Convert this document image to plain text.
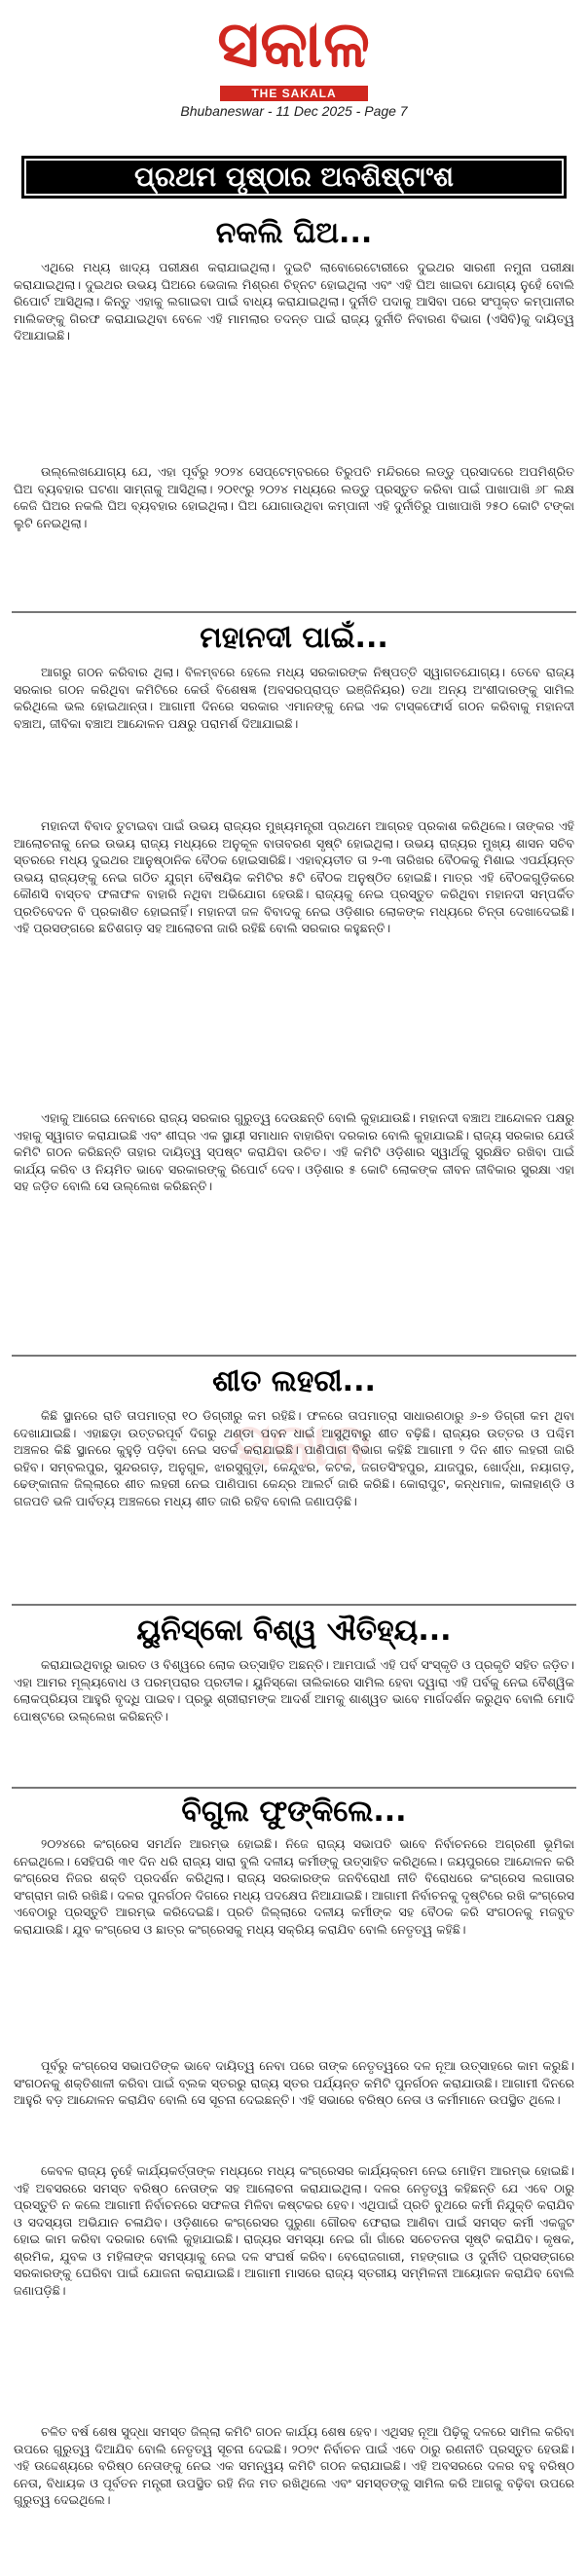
ସକାଳ
THE SAKALA
Bhubaneswar - 11 Dec 2025 - Page 7
ପ୍ରଥମ ପୃଷ୍ଠାର ଅବଶିଷ୍ଟାଂଶ
ସକାଳ
ନକଲି ଘିଅ...

ଏଥିରେ ମଧ୍ୟ ଖାଦ୍ୟ ପରୀକ୍ଷଣ କରାଯାଇଥିଲା। ଦୁଇଟି ଲାବୋରେଟୋରୀରେ ଦୁଇଥର ସାରଣୀ ନମୁନା ପରୀକ୍ଷା କରାଯାଇଥିଲା। ଦୁଇଥର ଉଭୟ ଘିଅରେ ଭେଜାଲ ମିଶ୍ରଣ ଚିହ୍ନଟ ହୋଇଥିଲା ଏବଂ ଏହି ଘିଅ ଖାଇବା ଯୋଗ୍ୟ ନୁହେଁ ବୋଲି ରିପୋର୍ଟ ଆସିଥିଲା। କିନ୍ତୁ ଏହାକୁ ଲଗାଇବା ପାଇଁ ବାଧ୍ୟ କରାଯାଇଥିଲା। ଦୁର୍ନୀତି ପଦାକୁ ଆସିବା ପରେ ସଂପୃକ୍ତ କମ୍ପାନୀର ମାଲିକଙ୍କୁ ଗିରଫ କରାଯାଇଥିବା ବେଳେ ଏହି ମାମଲାର ତଦନ୍ତ ପାଇଁ ରାଜ୍ୟ ଦୁର୍ନୀତି ନିବାରଣ ବିଭାଗ (ଏସିବି)କୁ ଦାୟିତ୍ୱ ଦିଆଯାଇଛି।

ଉଲ୍ଲେଖଯୋଗ୍ୟ ଯେ, ଏହା ପୂର୍ବରୁ ୨୦୨୪ ସେପ୍ଟେମ୍ବରରେ ତିରୁପତି ମନ୍ଦିରରେ ଲଡ୍ଡୁ ପ୍ରସାଦରେ ଅପମିଶ୍ରିତ ଘିଅ ବ୍ୟବହାର ଘଟଣା ସାମ୍ନାକୁ ଆସିଥିଲା। ୨୦୧୯ରୁ ୨୦୨୪ ମଧ୍ୟରେ ଲଡ୍ଡୁ ପ୍ରସ୍ତୁତ କରିବା ପାଇଁ ପାଖାପାଖି ୬୮ ଲକ୍ଷ କେଜି ଘିଅର ନକଲି ଘିଅ ବ୍ୟବହାର ହୋଇଥିଲା। ଘିଅ ଯୋଗାଉଥିବା କମ୍ପାନୀ ଏହି ଦୁର୍ନୀତିରୁ ପାଖାପାଖି ୨୫୦ କୋଟି ଟଙ୍କା ଲୁଟି ନେଇଥିଲା।

ମହାନଦୀ ପାଇଁ...

ଆଗରୁ ଗଠନ କରିବାର ଥିଲା। ବିଳମ୍ବରେ ହେଲେ ମଧ୍ୟ ସରକାରଙ୍କ ନିଷ୍ପତ୍ତି ସ୍ୱାଗତଯୋଗ୍ୟ। ତେବେ ରାଜ୍ୟ ସରକାର ଗଠନ କରିଥିବା କମିଟିରେ କେଉଁ ବିଶେଷଜ୍ଞ (ଅବସରପ୍ରାପ୍ତ ଇଞ୍ଜିନିୟର) ତଥା ଅନ୍ୟ ଅଂଶୀଦାରଙ୍କୁ ସାମିଲ କରିଥିଲେ ଭଲ ହୋଇଥାନ୍ତା। ଆଗାମୀ ଦିନରେ ସରକାର ଏମାନଙ୍କୁ ନେଇ ଏକ ଟାସ୍କଫୋର୍ସ ଗଠନ କରିବାକୁ ମହାନଦୀ ବଞ୍ଚାଅ, ଜୀବିକା ବଞ୍ଚାଅ ଆନ୍ଦୋଳନ ପକ୍ଷରୁ ପରାମର୍ଶ ଦିଆଯାଇଛି।

ମହାନଦୀ ବିବାଦ ତୁଟାଇବା ପାଇଁ ଉଭୟ ରାଜ୍ୟର ମୁଖ୍ୟମନ୍ତ୍ରୀ ପ୍ରଥମେ ଆଗ୍ରହ ପ୍ରକାଶ କରିଥିଲେ। ତାଙ୍କର ଏହି ଆଲୋଚନାକୁ ନେଇ ଉଭୟ ରାଜ୍ୟ ମଧ୍ୟରେ ଅନୁକୂଳ ବାତାବରଣ ସୃଷ୍ଟି ହୋଇଥିଲା। ଉଭୟ ରାଜ୍ୟର ମୁଖ୍ୟ ଶାସନ ସଚିବ ସ୍ତରରେ ମଧ୍ୟ ଦୁଇଥର ଆନୁଷ୍ଠାନିକ ବୈଠକ ହୋଇସାରିଛି। ଏହାବ୍ୟତୀତ ତା ୨-୩ ତାରିଖର ବୈଠକକୁ ମିଶାଇ ଏପର୍ଯ୍ୟନ୍ତ ଉଭୟ ରାଜ୍ୟଙ୍କୁ ନେଇ ଗଠିତ ଯୁଗ୍ମ ବୈଷୟିକ କମିଟିର ୫ଟି ବୈଠକ ଅନୁଷ୍ଠିତ ହୋଇଛି। ମାତ୍ର ଏହି ବୈଠକଗୁଡ଼ିକରେ କୌଣସି ବାସ୍ତବ ଫଳାଫଳ ବାହାରି ନଥିବା ଅଭିଯୋଗ ହେଉଛି। ରାଜ୍ୟକୁ ନେଇ ପ୍ରସ୍ତୁତ କରିଥିବା ମହାନଦୀ ସମ୍ପର୍କିତ ପ୍ରତିବେଦନ ବି ପ୍ରକାଶିତ ହୋଇନାହିଁ। ମହାନଦୀ ଜଳ ବିବାଦକୁ ନେଇ ଓଡ଼ିଶାର ଲୋକଙ୍କ ମଧ୍ୟରେ ଚିନ୍ତା ଦେଖାଦେଇଛି। ଏହି ପ୍ରସଙ୍ଗରେ ଛତିଶଗଡ଼ ସହ ଆଲୋଚନା ଜାରି ରହିଛି ବୋଲି ସରକାର କହୁଛନ୍ତି।

ଏହାକୁ ଆଗେଇ ନେବାରେ ରାଜ୍ୟ ସରକାର ଗୁରୁତ୍ୱ ଦେଉଛନ୍ତି ବୋଲି କୁହାଯାଉଛି। ମହାନଦୀ ବଞ୍ଚାଅ ଆନ୍ଦୋଳନ ପକ୍ଷରୁ ଏହାକୁ ସ୍ୱାଗତ କରାଯାଇଛି ଏବଂ ଶୀଘ୍ର ଏକ ସ୍ଥାୟୀ ସମାଧାନ ବାହାରିବା ଦରକାର ବୋଲି କୁହାଯାଇଛି। ରାଜ୍ୟ ସରକାର ଯେଉଁ କମିଟି ଗଠନ କରିଛନ୍ତି ତାହାର ଦାୟିତ୍ୱ ସ୍ପଷ୍ଟ କରାଯିବା ଉଚିତ। ଏହି କମିଟି ଓଡ଼ିଶାର ସ୍ୱାର୍ଥକୁ ସୁରକ୍ଷିତ ରଖିବା ପାଇଁ କାର୍ଯ୍ୟ କରିବ ଓ ନିୟମିତ ଭାବେ ସରକାରଙ୍କୁ ରିପୋର୍ଟ ଦେବ। ଓଡ଼ିଶାର ୫ କୋଟି ଲୋକଙ୍କ ଜୀବନ ଜୀବିକାର ସୁରକ୍ଷା ଏହା ସହ ଜଡ଼ିତ ବୋଲି ସେ ଉଲ୍ଲେଖ କରିଛନ୍ତି।

ଶୀତ ଲହରୀ...

କିଛି ସ୍ଥାନରେ ରାତି ତାପମାତ୍ରା ୧୦ ଡିଗ୍ରୀରୁ କମ ରହିଛି। ଫଳରେ ତାପମାତ୍ରା ସାଧାରଣଠାରୁ ୬-୭ ଡିଗ୍ରୀ କମ ଥିବା ଦେଖାଯାଇଛି। ଏହାଛଡ଼ା ଉତ୍ତରପୂର୍ବ ଦିଗରୁ ଥଣ୍ଡା ପବନ ଧାଇଁ ଆସୁଥିବାରୁ ଶୀତ ବଢ଼ିଛି। ରାଜ୍ୟର ଉତ୍ତର ଓ ପଶ୍ଚିମ ଅଞ୍ଚଳର କିଛି ସ୍ଥାନରେ କୁହୁଡ଼ି ପଡ଼ିବା ନେଇ ସତର୍କ କରାଯାଇଛି। ପାଣିପାଗ ବିଭାଗ କହିଛି ଆଗାମୀ ୨ ଦିନ ଶୀତ ଲହରୀ ଜାରି ରହିବ। ସମ୍ବଲପୁର, ସୁନ୍ଦରଗଡ଼, ଅନୁଗୁଳ, ଝାରସୁଗୁଡ଼ା, କେନ୍ଦୁଝର, କଟକ, ଜଗତସିଂହପୁର, ଯାଜପୁର, ଖୋର୍ଦ୍ଧା, ନୟାଗଡ଼, ଢେଙ୍କାନାଳ ଜିଲ୍ଲାରେ ଶୀତ ଲହରୀ ନେଇ ପାଣିପାଗ କେନ୍ଦ୍ର ଆଲର୍ଟ ଜାରି କରିଛି। କୋରାପୁଟ, କନ୍ଧମାଳ, କାଳାହାଣ୍ଡି ଓ ଗଜପତି ଭଳି ପାର୍ବତ୍ୟ ଅଞ୍ଚଳରେ ମଧ୍ୟ ଶୀତ ଜାରି ରହିବ ବୋଲି ଜଣାପଡ଼ିଛି।

ୟୁନିସ୍କୋ ବିଶ୍ୱ ଐତିହ୍ୟ...

କରାଯାଇଥିବାରୁ ଭାରତ ଓ ବିଶ୍ୱରେ ଲୋକ ଉତ୍ସାହିତ ଅଛନ୍ତି। ଆମପାଇଁ ଏହି ପର୍ବ ସଂସ୍କୃତି ଓ ପ୍ରକୃତି ସହିତ ଜଡ଼ିତ। ଏହା ଆମର ମୂଲ୍ୟବୋଧ ଓ ପରମ୍ପରାର ପ୍ରତୀକ। ୟୁନିସ୍କୋ ତାଲିକାରେ ସାମିଲ ହେବା ଦ୍ୱାରା ଏହି ପର୍ବକୁ ନେଇ ବୈଶ୍ୱିକ ଲୋକପ୍ରିୟତା ଆହୁରି ବୃଦ୍ଧି ପାଇବ। ପ୍ରଭୁ ଶ୍ରୀରାମଙ୍କ ଆଦର୍ଶ ଆମକୁ ଶାଶ୍ୱତ ଭାବେ ମାର୍ଗଦର୍ଶନ କରୁଥିବ ବୋଲି ମୋଦି ପୋଷ୍ଟରେ ଉଲ୍ଲେଖ କରିଛନ୍ତି।

ବିଗୁଲ ଫୁଙ୍କିଲେ...

୨୦୨୪ରେ କଂଗ୍ରେସ ସମର୍ଥନ ଆରମ୍ଭ ହୋଇଛି। ନିଜେ ରାଜ୍ୟ ସଭାପତି ଭାବେ ନିର୍ବାଚନରେ ଅଗ୍ରଣୀ ଭୂମିକା ନେଇଥିଲେ। ସେହିପରି ୩୧ ଦିନ ଧରି ରାଜ୍ୟ ସାରା ବୁଲି ଦଳୀୟ କର୍ମୀଙ୍କୁ ଉତ୍ସାହିତ କରିଥିଲେ। ଜୟପୁରରେ ଆନ୍ଦୋଳନ କରି କଂଗ୍ରେସ ନିଜର ଶକ୍ତି ପ୍ରଦର୍ଶନ କରିଥିଲା। ରାଜ୍ୟ ସରକାରଙ୍କ ଜନବିରୋଧୀ ନୀତି ବିରୋଧରେ କଂଗ୍ରେସ ଲଗାତାର ସଂଗ୍ରାମ ଜାରି ରଖିଛି। ଦଳର ପୁନର୍ଗଠନ ଦିଗରେ ମଧ୍ୟ ପଦକ୍ଷେପ ନିଆଯାଇଛି। ଆଗାମୀ ନିର୍ବାଚନକୁ ଦୃଷ୍ଟିରେ ରଖି କଂଗ୍ରେସ ଏବେଠାରୁ ପ୍ରସ୍ତୁତି ଆରମ୍ଭ କରିଦେଇଛି। ପ୍ରତି ଜିଲ୍ଲାରେ ଦଳୀୟ କର୍ମୀଙ୍କ ସହ ବୈଠକ କରି ସଂଗଠନକୁ ମଜବୁତ କରାଯାଉଛି। ଯୁବ କଂଗ୍ରେସ ଓ ଛାତ୍ର କଂଗ୍ରେସକୁ ମଧ୍ୟ ସକ୍ରିୟ କରାଯିବ ବୋଲି ନେତୃତ୍ୱ କହିଛି।

ପୂର୍ବରୁ କଂଗ୍ରେସ ସଭାପତିଙ୍କ ଭାବେ ଦାୟିତ୍ୱ ନେବା ପରେ ତାଙ୍କ ନେତୃତ୍ୱରେ ଦଳ ନୂଆ ଉତ୍ସାହରେ କାମ କରୁଛି। ସଂଗଠନକୁ ଶକ୍ତିଶାଳୀ କରିବା ପାଇଁ ବ୍ଲକ ସ୍ତରରୁ ରାଜ୍ୟ ସ୍ତର ପର୍ଯ୍ୟନ୍ତ କମିଟି ପୁନର୍ଗଠନ କରାଯାଉଛି। ଆଗାମୀ ଦିନରେ ଆହୁରି ବଡ଼ ଆନ୍ଦୋଳନ କରାଯିବ ବୋଲି ସେ ସୂଚନା ଦେଇଛନ୍ତି। ଏହି ସଭାରେ ବରିଷ୍ଠ ନେତା ଓ କର୍ମୀମାନେ ଉପସ୍ଥିତ ଥିଲେ।

କେବଳ ରାଜ୍ୟ ନୁହେଁ କାର୍ଯ୍ୟକର୍ତ୍ତାଙ୍କ ମଧ୍ୟରେ ମଧ୍ୟ କଂଗ୍ରେସର କାର୍ଯ୍ୟକ୍ରମ ନେଇ ମୋହିମ ଆରମ୍ଭ ହୋଇଛି। ଏହି ଅବସରରେ ସମସ୍ତ ବରିଷ୍ଠ ନେତାଙ୍କ ସହ ଆଲୋଚନା କରାଯାଇଥିଲା। ଦଳର ନେତୃତ୍ୱ କହିଛନ୍ତି ଯେ ଏବେ ଠାରୁ ପ୍ରସ୍ତୁତି ନ କଲେ ଆଗାମୀ ନିର୍ବାଚନରେ ସଫଳତା ମିଳିବା କଷ୍ଟକର ହେବ। ଏଥିପାଇଁ ପ୍ରତି ବୁଥରେ କର୍ମୀ ନିଯୁକ୍ତି କରାଯିବ ଓ ସଦସ୍ୟତା ଅଭିଯାନ ଚଳାଯିବ। ଓଡ଼ିଶାରେ କଂଗ୍ରେସର ପୁରୁଣା ଗୌରବ ଫେରାଇ ଆଣିବା ପାଇଁ ସମସ୍ତ କର୍ମୀ ଏକଜୁଟ ହୋଇ କାମ କରିବା ଦରକାର ବୋଲି କୁହାଯାଇଛି। ରାଜ୍ୟର ସମସ୍ୟା ନେଇ ଗାଁ ଗାଁରେ ସଚେତନତା ସୃଷ୍ଟି କରାଯିବ। କୃଷକ, ଶ୍ରମିକ, ଯୁବକ ଓ ମହିଳାଙ୍କ ସମସ୍ୟାକୁ ନେଇ ଦଳ ସଂଘର୍ଷ କରିବ। ବେରୋଜଗାରୀ, ମହଙ୍ଗାଇ ଓ ଦୁର୍ନୀତି ପ୍ରସଙ୍ଗରେ ସରକାରଙ୍କୁ ଘେରିବା ପାଇଁ ଯୋଜନା କରାଯାଇଛି। ଆଗାମୀ ମାସରେ ରାଜ୍ୟ ସ୍ତରୀୟ ସମ୍ମିଳନୀ ଆୟୋଜନ କରାଯିବ ବୋଲି ଜଣାପଡ଼ିଛି।

ଚଳିତ ବର୍ଷ ଶେଷ ସୁଦ୍ଧା ସମସ୍ତ ଜିଲ୍ଲା କମିଟି ଗଠନ କାର୍ଯ୍ୟ ଶେଷ ହେବ। ଏଥିସହ ନୂଆ ପିଢ଼ିକୁ ଦଳରେ ସାମିଲ କରିବା ଉପରେ ଗୁରୁତ୍ୱ ଦିଆଯିବ ବୋଲି ନେତୃତ୍ୱ ସୂଚନା ଦେଇଛି। ୨୦୨୯ ନିର୍ବାଚନ ପାଇଁ ଏବେ ଠାରୁ ରଣନୀତି ପ୍ରସ୍ତୁତ ହେଉଛି। ଏହି ଉଦ୍ଦେଶ୍ୟରେ ବରିଷ୍ଠ ନେତାଙ୍କୁ ନେଇ ଏକ ସମନ୍ୱୟ କମିଟି ଗଠନ କରାଯାଇଛି। ଏହି ଅବସରରେ ଦଳର ବହୁ ବରିଷ୍ଠ ନେତା, ବିଧାୟକ ଓ ପୂର୍ବତନ ମନ୍ତ୍ରୀ ଉପସ୍ଥିତ ରହି ନିଜ ମତ ରଖିଥିଲେ ଏବଂ ସମସ୍ତଙ୍କୁ ସାମିଲ କରି ଆଗକୁ ବଢ଼ିବା ଉପରେ ଗୁରୁତ୍ୱ ଦେଇଥିଲେ।
